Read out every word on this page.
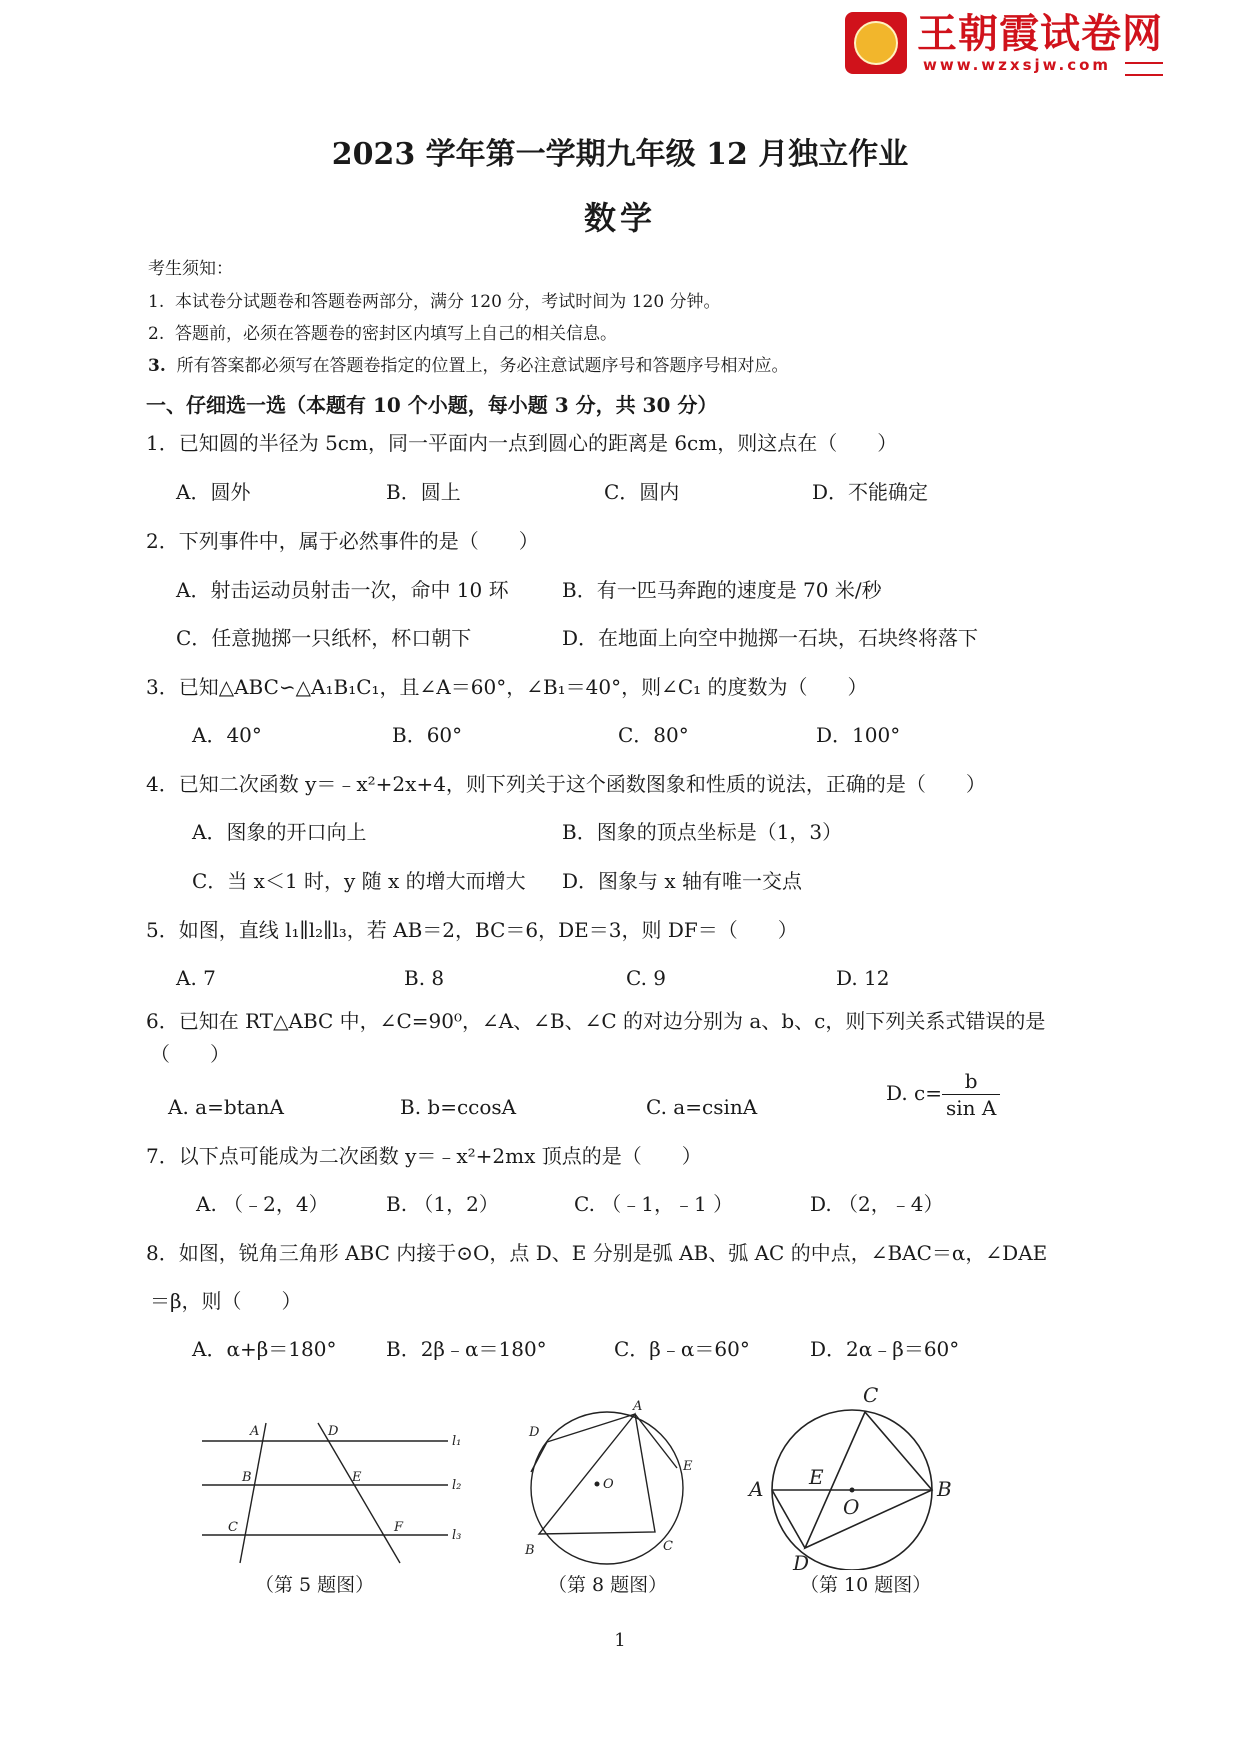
王朝霞试卷网
www.wzxsjw.com
2023 学年第一学期九年级 12 月独立作业
数学
考生须知：
1. 本试卷分试题卷和答题卷两部分，满分 120 分，考试时间为 120 分钟。
2. 答题前，必须在答题卷的密封区内填写上自己的相关信息。
3. 所有答案都必须写在答题卷指定的位置上，务必注意试题序号和答题序号相对应。
一、仔细选一选（本题有 10 个小题，每小题 3 分，共 30 分）
1．已知圆的半径为 5cm，同一平面内一点到圆心的距离是 6cm，则这点在（　　）
A．圆外	B．圆上	C．圆内	D．不能确定
2．下列事件中，属于必然事件的是（　　）
A．射击运动员射击一次，命中 10 环	B．有一匹马奔跑的速度是 70 米/秒
C．任意抛掷一只纸杯，杯口朝下	D．在地面上向空中抛掷一石块，石块终将落下
3．已知△ABC∽△A₁B₁C₁，且∠A＝60°，∠B₁＝40°，则∠C₁ 的度数为（　　）
A．40°	B．60°	C．80°	D．100°
4．已知二次函数 y＝﹣x²+2x+4，则下列关于这个函数图象和性质的说法，正确的是（　　）
A．图象的开口向上	B．图象的顶点坐标是（1，3）
C．当 x＜1 时，y 随 x 的增大而增大 D．图象与 x 轴有唯一交点
5．如图，直线 l₁∥l₂∥l₃，若 AB＝2，BC＝6，DE＝3，则 DF＝（　　）
A. 7	B. 8	C. 9	D. 12
6．已知在 RT△ABC 中，∠C=90⁰，∠A、∠B、∠C 的对边分别为 a、b、c，则下列关系式错误的是
（　　）
A. a=btanA	B. b=ccosA	C. a=csinA
D. $c= \frac{b}{\text{sin A}}$
7．以下点可能成为二次函数 y＝﹣x²+2mx 顶点的是（　　）
A. （﹣2，4）	B. （1，2）	C. （﹣1，﹣1 ）	D. （2，﹣4）
8．如图，锐角三角形 ABC 内接于⊙O，点 D、E 分别是弧 AB、弧 AC 的中点，∠BAC＝α，∠DAE
＝β，则（　　）
A．α+β＝180° B．2β﹣α＝180°	C．β﹣α＝60°	D．2α﹣β＝60°
A
B
C
D
E
F
l₁
l₂
l₃
（第 5 题图）
A
B	C
D
E
O
（第 8 题图）
C
A	B
D
E
O
（第 10 题图）
1
